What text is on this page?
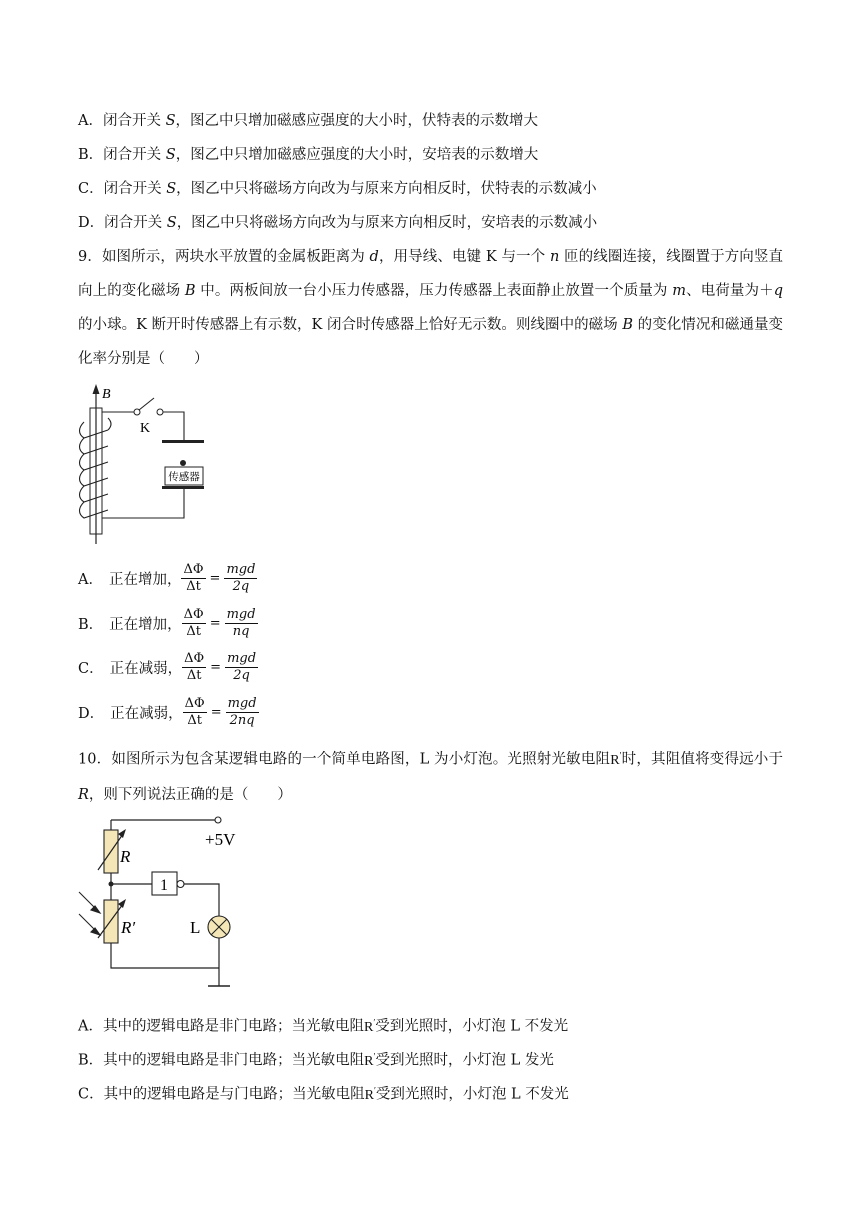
A．闭合开关 S，图乙中只增加磁感应强度的大小时，伏特表的示数增大
B．闭合开关 S，图乙中只增加磁感应强度的大小时，安培表的示数增大
C．闭合开关 S，图乙中只将磁场方向改为与原来方向相反时，伏特表的示数减小
D．闭合开关 S，图乙中只将磁场方向改为与原来方向相反时，安培表的示数减小
9．如图所示，两块水平放置的金属板距离为 d，用导线、电键 K 与一个 n 匝的线圈连接，线圈置于方向竖直向上的变化磁场 B 中。两板间放一台小压力传感器，压力传感器上表面静止放置一个质量为 m、电荷量为＋q 的小球。K 断开时传感器上有示数，K 闭合时传感器上恰好无示数。则线圈中的磁场 B 的变化情况和磁通量变化率分别是（　　）
B
K
传感器
A． 正在增加， $\frac{\Delta\Phi}{\Delta t} = \frac{\text{mgd}}{2q}$
B． 正在增加， $\frac{\Delta\Phi}{\Delta t} = \frac{\text{mgd}}{nq}$
C． 正在减弱， $\frac{\Delta\Phi}{\Delta t} = \frac{\text{mgd}}{2q}$
D． 正在减弱， $\frac{\Delta\Phi}{\Delta t} = \frac{\text{mgd}}{2nq}$
10．如图所示为包含某逻辑电路的一个简单电路图，L 为小灯泡。光照射光敏电阻R′时，其阻值将变得远小于 R，则下列说法正确的是（　　）
+5V
R
1
L
R′
A．其中的逻辑电路是非门电路；当光敏电阻R′受到光照时，小灯泡 L 不发光
B．其中的逻辑电路是非门电路；当光敏电阻R′受到光照时，小灯泡 L 发光
C．其中的逻辑电路是与门电路；当光敏电阻R′受到光照时，小灯泡 L 不发光
